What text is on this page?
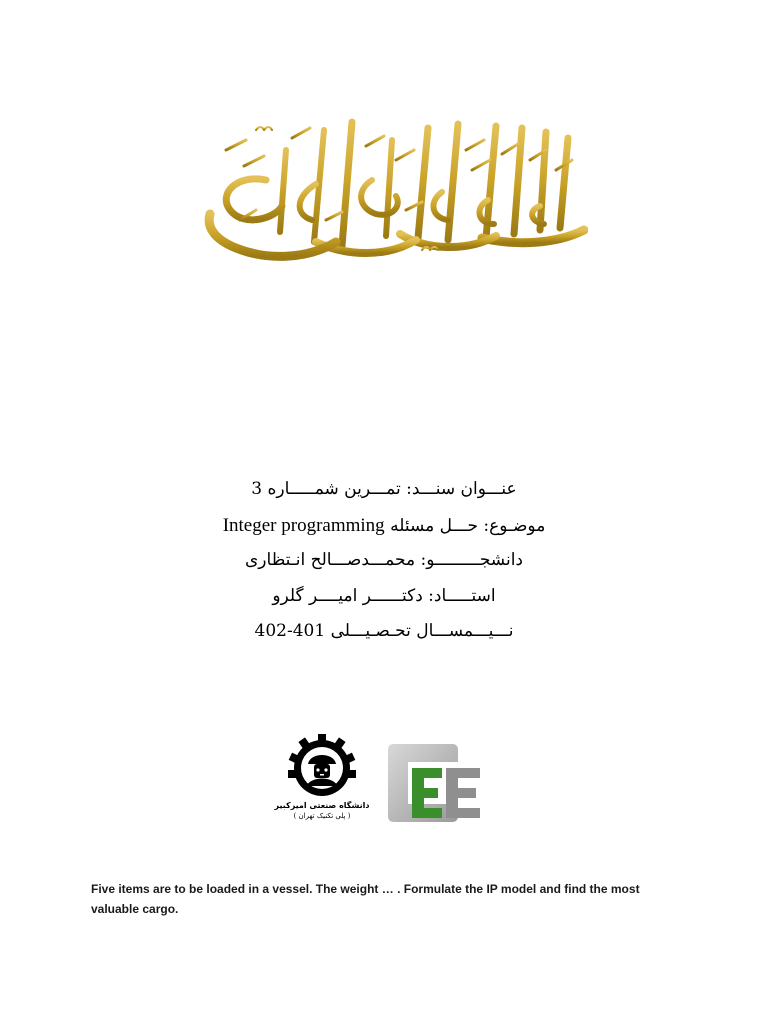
عنـــوان سنـــد: تمـــرین شمـــــاره 3
موضـوع: حـــل مسئله Integer programming
دانشجـــــــــو: محمـــدصـــالح انـتظاری
استـــــاد: دکتــــــر امیــــر گلرو
نـــیـــمســـال تحـصـیـــلی 401-402
دانشگاه صنعتی امیرکبیر
( پلی تکنیک تهران )
Five items are to be loaded in a vessel. The weight … . Formulate the IP model and find the most valuable cargo.
